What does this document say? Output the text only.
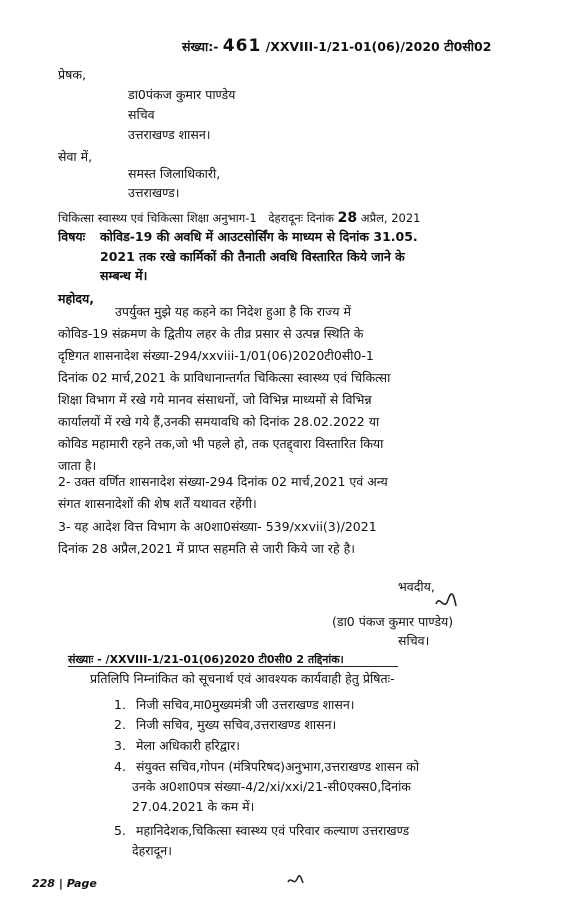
संख्या:- 461 /XXVIII-1/21-01(06)/2020 टी0सी02
प्रेषक,
डा0पंकज कुमार पाण्डेय
सचिव
उत्तराखण्ड शासन।
सेवा में,
समस्त जिलाधिकारी,
उत्तराखण्ड।
चिकित्सा स्वास्थ्य एवं चिकित्सा शिक्षा अनुभाग-1 देहरादूनः दिनांक 28 अप्रैल, 2021
विषयः कोविड-19 की अवधि में आउटसोर्सिंग के माध्यम से दिनांक 31.05.
2021 तक रखे कार्मिकों की तैनाती अवधि विस्तारित किये जाने के
सम्बन्ध में।
महोदय,
उपर्युक्त मुझे यह कहने का निदेश हुआ है कि राज्य में
कोविड-19 संक्रमण के द्वितीय लहर के तीव्र प्रसार से उत्पन्न स्थिति के
दृष्टिगत शासनादेश संख्या-294/xxviii-1/01(06)2020टी0सी0-1
दिनांक 02 मार्च,2021 के प्राविधानान्तर्गत चिकित्सा स्वास्थ्य एवं चिकित्सा
शिक्षा विभाग में रखे गये मानव संसाधनों, जो विभिन्न माध्यमों से विभिन्न
कार्यालयों में रखे गये हैं,उनकी समयावधि को दिनांक 28.02.2022 या
कोविड महामारी रहने तक,जो भी पहले हो, तक एतद्द्वारा विस्तारित किया
जाता है।
2- उक्त वर्णित शासनादेश संख्या-294 दिनांक 02 मार्च,2021 एवं अन्य
संगत शासनादेशों की शेष शर्तें यथावत रहेंगी।
3- यह आदेश वित्त विभाग के अ0शा0संख्या- 539/xxvii(3)/2021
दिनांक 28 अप्रैल,2021 में प्राप्त सहमति से जारी किये जा रहे है।
भवदीय,
(डा0 पंकज कुमार पाण्डेय)
सचिव।
संख्याः - /XXVIII-1/21-01(06)2020 टी0सी0 2 तद्दिनांक।
प्रतिलिपि निम्नांकित को सूचनार्थ एवं आवश्यक कार्यवाही हेतु प्रेषितः-
1. निजी सचिव,मा0मुख्यमंत्री जी उत्तराखण्ड शासन।
2. निजी सचिव, मुख्य सचिव,उत्तराखण्ड शासन।
3. मेला अधिकारी हरिद्वार।
4. संयुक्त सचिव,गोपन (मंत्रिपरिषद)अनुभाग,उत्तराखण्ड शासन को
उनके अ0शा0पत्र संख्या-4/2/xi/xxi/21-सी0एक्स0,दिनांक
27.04.2021 के कम में।
5. महानिदेशक,चिकित्सा स्वास्थ्य एवं परिवार कल्याण उत्तराखण्ड
देहरादून।
228 | Page
